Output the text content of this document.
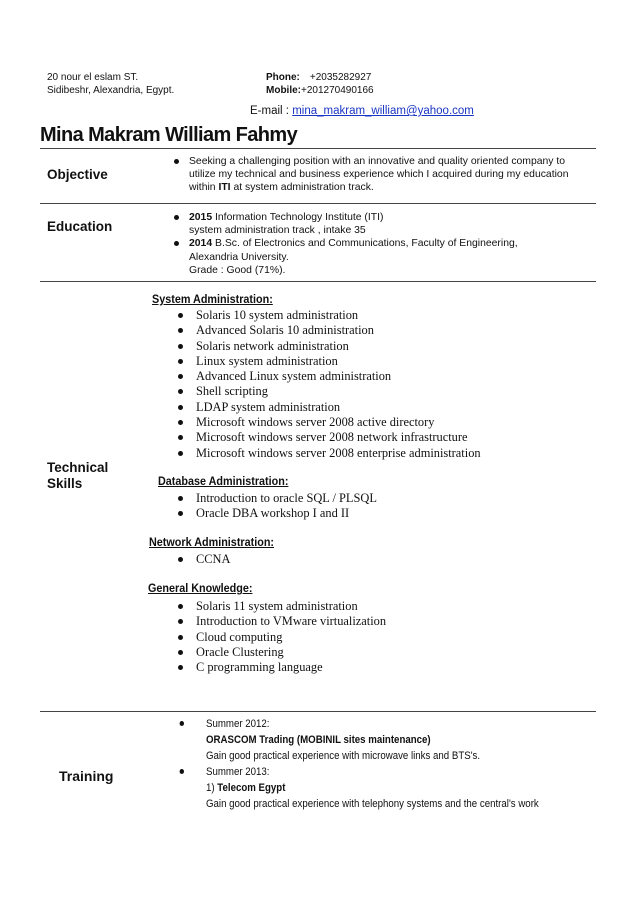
20 nour el eslam ST.
Sidibeshr, Alexandria, Egypt.
Phone: +2035282927
Mobile:+201270490166
E-mail : mina_makram_william@yahoo.com
Mina Makram William Fahmy
Objective
Seeking a challenging position with an innovative and quality oriented company to
utilize my technical and business experience which I acquired during my education
within ITI at system administration track.
Education
2015 Information Technology Institute (ITI)
system administration track , intake 35
2014 B.Sc. of Electronics and Communications, Faculty of Engineering,
Alexandria University.
Grade : Good (71%).
Technical
Skills
System Administration:
Solaris 10 system administration
Advanced Solaris 10 administration
Solaris network administration
Linux system administration
Advanced Linux system administration
Shell scripting
LDAP system administration
Microsoft windows server 2008 active directory
Microsoft windows server 2008 network infrastructure
Microsoft windows server 2008 enterprise administration
Database Administration:
Introduction to oracle SQL / PLSQL
Oracle DBA workshop I and II
Network Administration:
CCNA
General Knowledge:
Solaris 11 system administration
Introduction to VMware virtualization
Cloud computing
Oracle Clustering
C programming language
Training
Summer 2012:
ORASCOM Trading (MOBINIL sites maintenance)
Gain good practical experience with microwave links and BTS's.
Summer 2013:
1) Telecom Egypt
Gain good practical experience with telephony systems and the central's work
